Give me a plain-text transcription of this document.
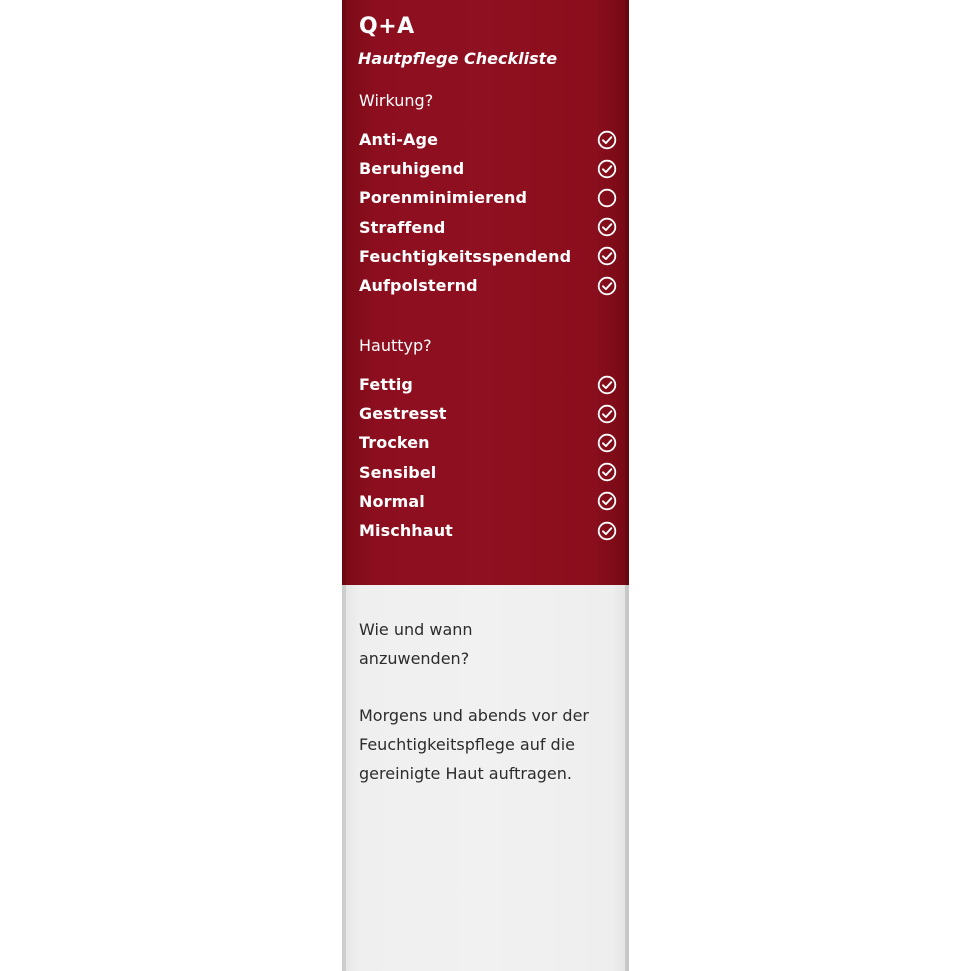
Q+A
Hautpflege Checkliste
Wirkung?
Anti-Age
Beruhigend
Porenminimierend
Straffend
Feuchtigkeitsspendend
Aufpolsternd
Hauttyp?
Fettig
Gestresst
Trocken
Sensibel
Normal
Mischhaut
Wie und wann anzuwenden?
Morgens und abends vor der Feuchtigkeitspflege auf die gereinigte Haut auftragen.
